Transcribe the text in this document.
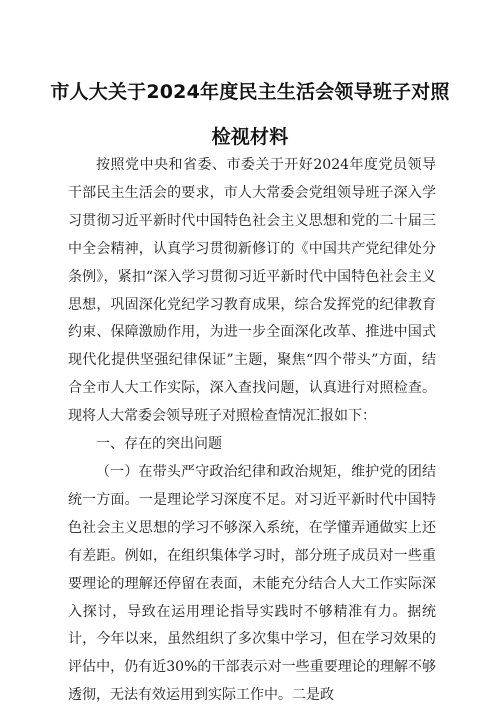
市人大关于2024年度民主生活会领导班子对照
检视材料

按照党中央和省委、市委关于开好2024年度党员领导干部民主生活会的要求，市人大常委会党组领导班子深入学习贯彻习近平新时代中国特色社会主义思想和党的二十届三中全会精神，认真学习贯彻新修订的《中国共产党纪律处分条例》，紧扣“深入学习贯彻习近平新时代中国特色社会主义思想，巩固深化党纪学习教育成果，综合发挥党的纪律教育约束、保障激励作用，为进一步全面深化改革、推进中国式现代化提供坚强纪律保证”主题，聚焦“四个带头”方面，结合全市人大工作实际，深入查找问题，认真进行对照检查。现将人大常委会领导班子对照检查情况汇报如下：

一、存在的突出问题

（一）在带头严守政治纪律和政治规矩，维护党的团结统一方面。一是理论学习深度不足。对习近平新时代中国特色社会主义思想的学习不够深入系统，在学懂弄通做实上还有差距。例如，在组织集体学习时，部分班子成员对一些重要理论的理解还停留在表面，未能充分结合人大工作实际深入探讨，导致在运用理论指导实践时不够精准有力。据统计，今年以来，虽然组织了多次集中学习，但在学习效果的评估中，仍有近30%的干部表示对一些重要理论的理解不够透彻，无法有效运用到实际工作中。二是政
